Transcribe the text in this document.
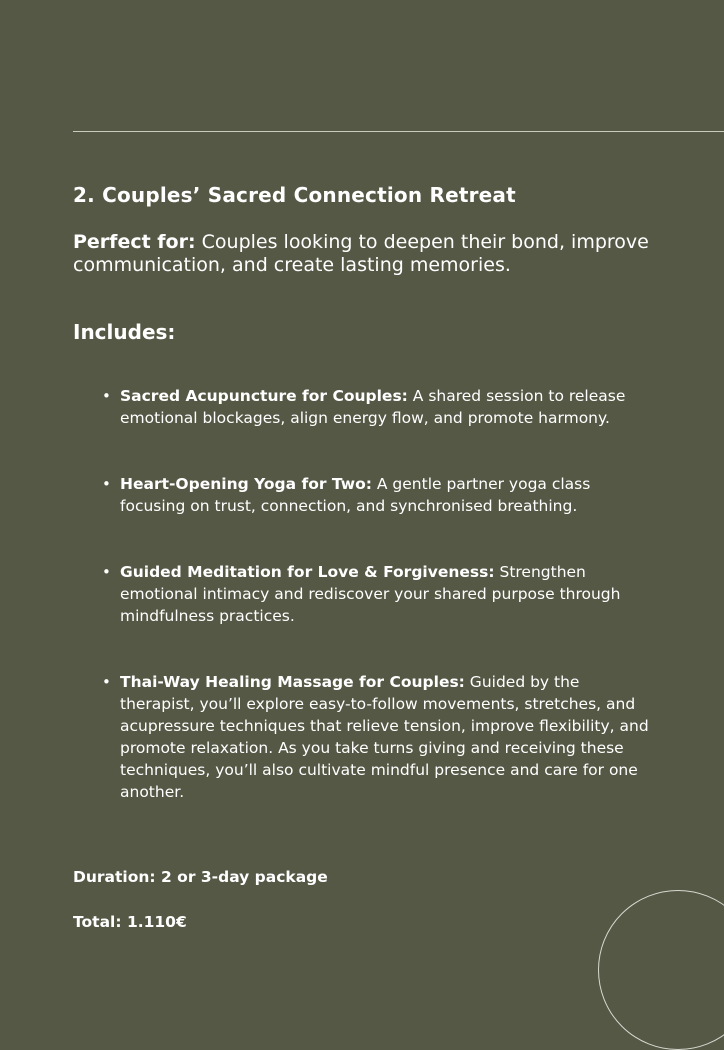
2. Couples’ Sacred Connection Retreat

Perfect for: Couples looking to deepen their bond, improve communication, and create lasting memories.

Includes:
• Sacred Acupuncture for Couples: A shared session to release emotional blockages, align energy flow, and promote harmony.
• Heart-Opening Yoga for Two: A gentle partner yoga class focusing on trust, connection, and synchronised breathing.
• Guided Meditation for Love & Forgiveness: Strengthen emotional intimacy and rediscover your shared purpose through mindfulness practices.
• Thai-Way Healing Massage for Couples: Guided by the therapist, you’ll explore easy-to-follow movements, stretches, and acupressure techniques that relieve tension, improve flexibility, and promote relaxation. As you take turns giving and receiving these techniques, you’ll also cultivate mindful presence and care for one another.

Duration: 2 or 3-day package

Total: 1.110€
